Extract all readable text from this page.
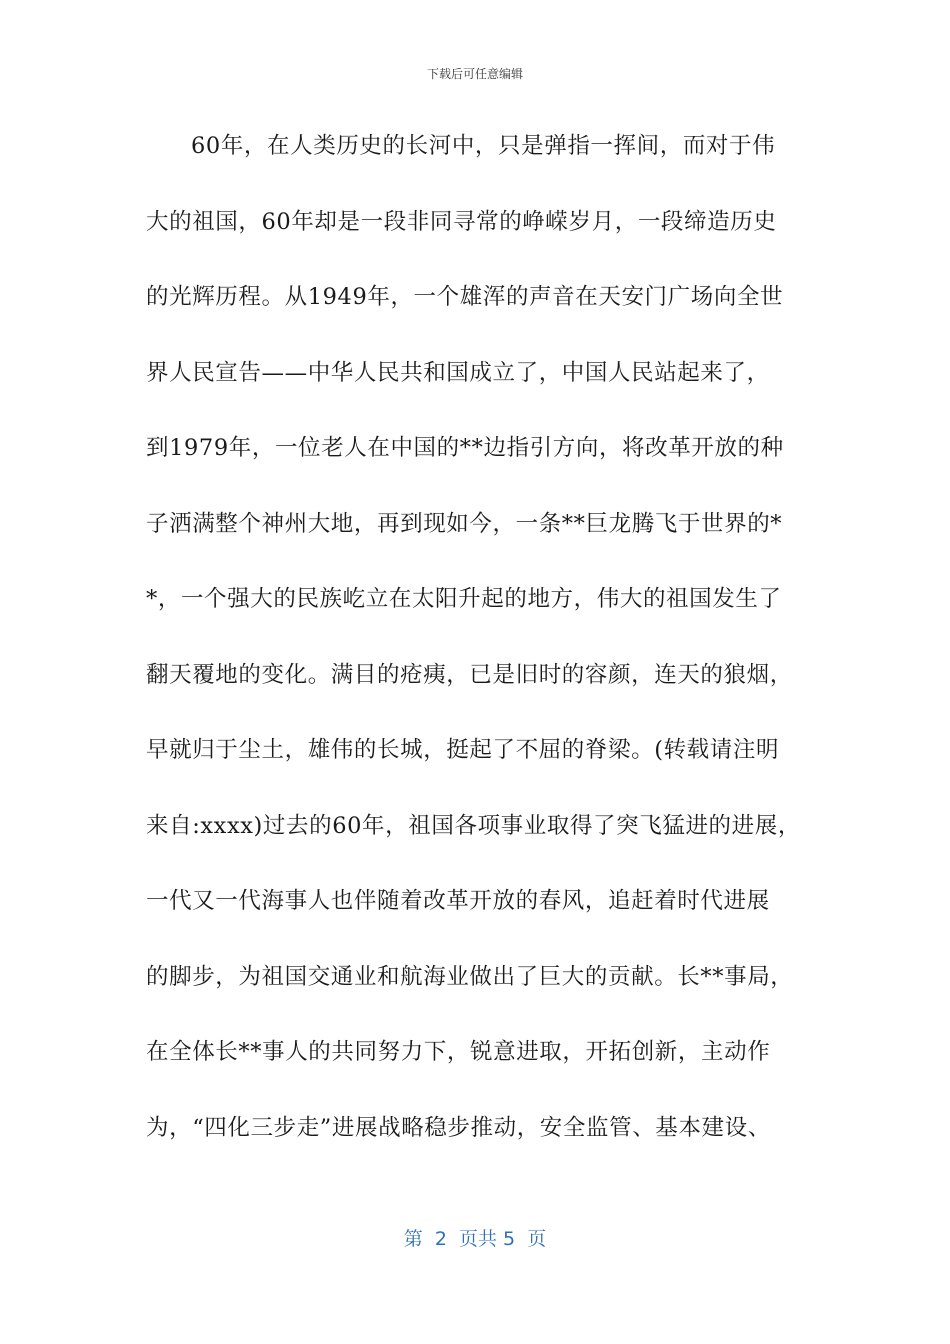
下载后可任意编辑
60年，在人类历史的长河中，只是弹指一挥间，而对于伟
大的祖国，60年却是一段非同寻常的峥嵘岁月，一段缔造历史
的光辉历程。从1949年，一个雄浑的声音在天安门广场向全世
界人民宣告——中华人民共和国成立了，中国人民站起来了，
到1979年，一位老人在中国的**边指引方向，将改革开放的种
子洒满整个神州大地，再到现如今，一条**巨龙腾飞于世界的*
*，一个强大的民族屹立在太阳升起的地方，伟大的祖国发生了
翻天覆地的变化。满目的疮痍，已是旧时的容颜，连天的狼烟，
早就归于尘土，雄伟的长城，挺起了不屈的脊梁。(转载请注明
来自:xxxx)过去的60年，祖国各项事业取得了突飞猛进的进展，
一代又一代海事人也伴随着改革开放的春风，追赶着时代进展
的脚步，为祖国交通业和航海业做出了巨大的贡献。长**事局，
在全体长**事人的共同努力下，锐意进取，开拓创新，主动作
为，“四化三步走”进展战略稳步推动，安全监管、基本建设、
第  2  页共 5  页
